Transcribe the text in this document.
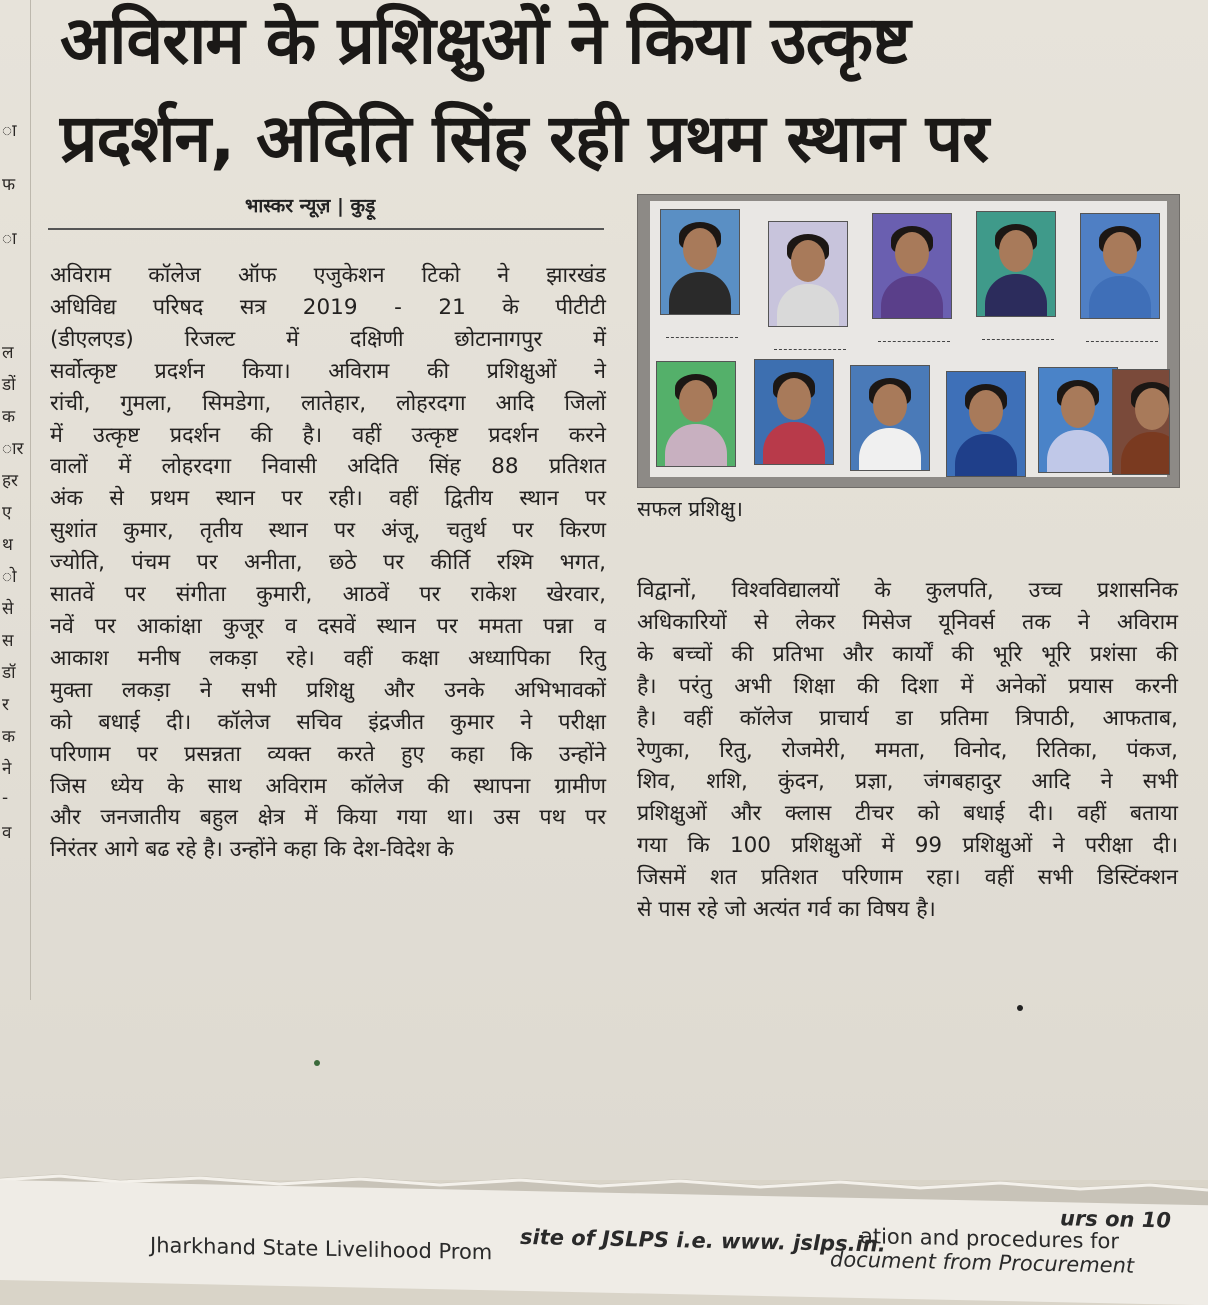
ा
फ
ा
ल
डों
क
ार
हर
ए
थ
ो
से
स
डॉ
र
क
ने
-
व
अविराम के प्रशिक्षुओं ने किया उत्कृष्ट
प्रदर्शन, अदिति सिंह रही प्रथम स्थान पर
भास्कर न्यूज़ | कुड़ू
अविराम कॉलेज ऑफ एजुकेशन टिको ने झारखंड
अधिविद्य परिषद सत्र 2019 - 21 के पीटीटी
(डीएलएड) रिजल्ट में दक्षिणी छोटानागपुर में
सर्वोत्कृष्ट प्रदर्शन किया। अविराम की प्रशिक्षुओं ने
रांची, गुमला, सिमडेगा, लातेहार, लोहरदगा आदि जिलों
में उत्कृष्ट प्रदर्शन की है। वहीं उत्कृष्ट प्रदर्शन करने
वालों में लोहरदगा निवासी अदिति सिंह 88 प्रतिशत
अंक से प्रथम स्थान पर रही। वहीं द्वितीय स्थान पर
सुशांत कुमार, तृतीय स्थान पर अंजू, चतुर्थ पर किरण
ज्योति, पंचम पर अनीता, छठे पर कीर्ति रश्मि भगत,
सातवें पर संगीता कुमारी, आठवें पर राकेश खेरवार,
नवें पर आकांक्षा कुजूर व दसवें स्थान पर ममता पन्ना व
आकाश मनीष लकड़ा रहे। वहीं कक्षा अध्यापिका रितु
मुक्ता लकड़ा ने सभी प्रशिक्षु और उनके अभिभावकों
को बधाई दी। कॉलेज सचिव इंद्रजीत कुमार ने परीक्षा
परिणाम पर प्रसन्नता व्यक्त करते हुए कहा कि उन्होंने
जिस ध्येय के साथ अविराम कॉलेज की स्थापना ग्रामीण
और जनजातीय बहुल क्षेत्र में किया गया था। उस पथ पर
निरंतर आगे बढ रहे है। उन्होंने कहा कि देश-विदेश के
सफल प्रशिक्षु।
विद्वानों, विश्वविद्यालयों के कुलपति, उच्च प्रशासनिक
अधिकारियों से लेकर मिसेज यूनिवर्स तक ने अविराम
के बच्चों की प्रतिभा और कार्यों की भूरि भूरि प्रशंसा की
है। परंतु अभी शिक्षा की दिशा में अनेकों प्रयास करनी
है। वहीं कॉलेज प्राचार्य डा प्रतिमा त्रिपाठी, आफताब,
रेणुका, रितु, रोजमेरी, ममता, विनोद, रितिका, पंकज,
शिव, शशि, कुंदन, प्रज्ञा, जंगबहादुर आदि ने सभी
प्रशिक्षुओं और क्लास टीचर को बधाई दी। वहीं बताया
गया कि 100 प्रशिक्षुओं में 99 प्रशिक्षुओं ने परीक्षा दी।
जिसमें शत प्रतिशत परिणाम रहा। वहीं सभी डिस्टिंक्शन
से पास रहे जो अत्यंत गर्व का विषय है।
urs on 10
ation and procedures for
site of JSLPS i.e. www. jslps.in.
document from Procurement
Jharkhand State Livelihood Prom
